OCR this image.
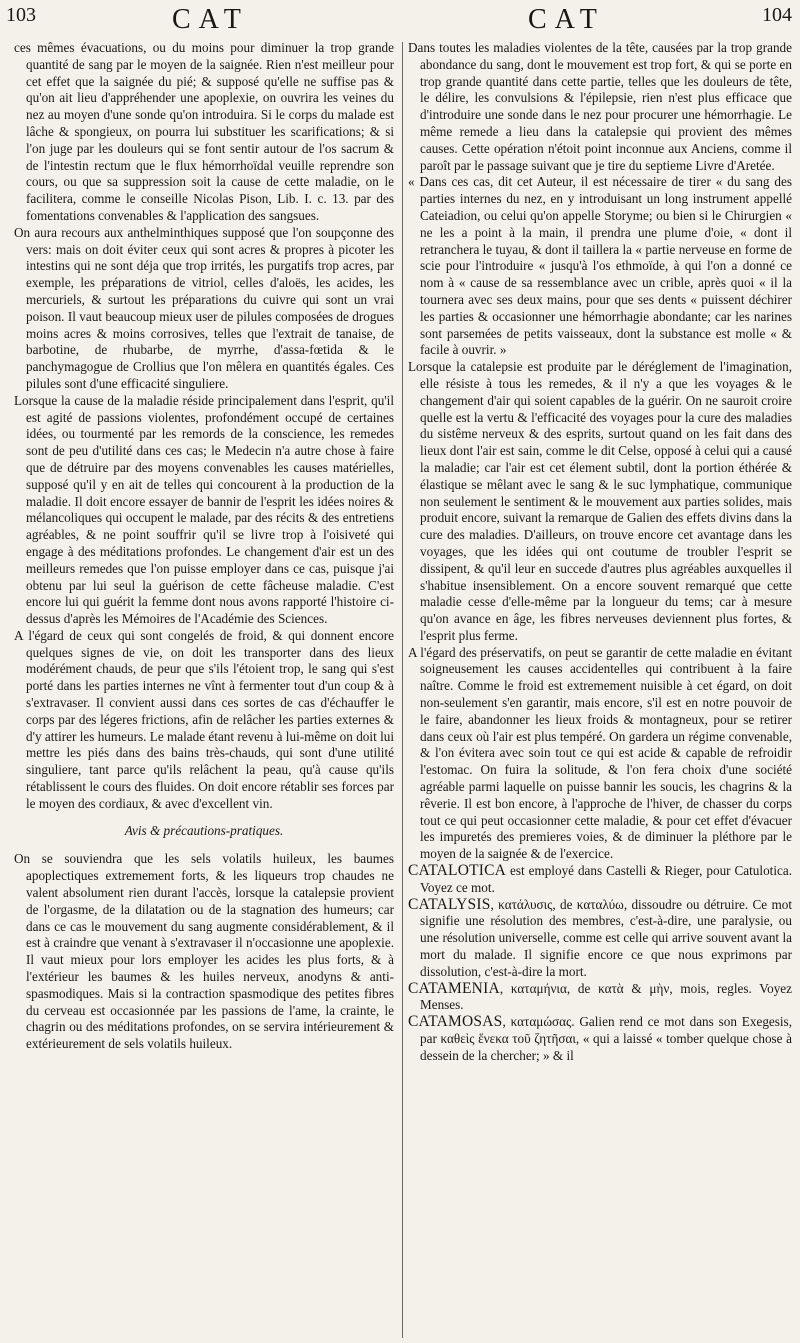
103	CAT	CAT	104

ces mêmes évacuations, ou du moins pour diminuer la trop grande quantité de sang par le moyen de la saignée. Rien n'est meilleur pour cet effet que la saignée du pié; & supposé qu'elle ne suffise pas & qu'on ait lieu d'appréhender une apoplexie, on ouvrira les veines du nez au moyen d'une sonde qu'on introduira. Si le corps du malade est lâche & spongieux, on pourra lui substituer les scarifications; & si l'on juge par les douleurs qui se font sentir autour de l'os sacrum & de l'intestin rectum que le flux hémorrhoïdal veuille reprendre son cours, ou que sa suppression soit la cause de cette maladie, on le facilitera, comme le conseille Nicolas Pison, Lib. I. c. 13. par des fomentations convenables & l'application des sangsues.

On aura recours aux anthelminthiques supposé que l'on soupçonne des vers: mais on doit éviter ceux qui sont acres & propres à picoter les intestins qui ne sont déja que trop irrités, les purgatifs trop acres, par exemple, les préparations de vitriol, celles d'aloës, les acides, les mercuriels, & surtout les préparations du cuivre qui sont un vrai poison. Il vaut beaucoup mieux user de pilules composées de drogues moins acres & moins corrosives, telles que l'extrait de tanaise, de barbotine, de rhubarbe, de myrrhe, d'assa-fœtida & le panchymagogue de Crollius que l'on mêlera en quantités égales. Ces pilules sont d'une efficacité singuliere.

Lorsque la cause de la maladie réside principalement dans l'esprit, qu'il est agité de passions violentes, profondément occupé de certaines idées, ou tourmenté par les remords de la conscience, les remedes sont de peu d'utilité dans ces cas; le Medecin n'a autre chose à faire que de détruire par des moyens convenables les causes matérielles, supposé qu'il y en ait de telles qui concourent à la production de la maladie. Il doit encore essayer de bannir de l'esprit les idées noires & mélancoliques qui occupent le malade, par des récits & des entretiens agréables, & ne point souffrir qu'il se livre trop à l'oisiveté qui engage à des méditations profondes. Le changement d'air est un des meilleurs remedes que l'on puisse employer dans ce cas, puisque j'ai obtenu par lui seul la guérison de cette fâcheuse maladie. C'est encore lui qui guérit la femme dont nous avons rapporté l'histoire ci-dessus d'après les Mémoires de l'Académie des Sciences.

A l'égard de ceux qui sont congelés de froid, & qui donnent encore quelques signes de vie, on doit les transporter dans des lieux modérément chauds, de peur que s'ils l'étoient trop, le sang qui s'est porté dans les parties internes ne vînt à fermenter tout d'un coup & à s'extravaser. Il convient aussi dans ces sortes de cas d'échauffer le corps par des légeres frictions, afin de relâcher les parties externes & d'y attirer les humeurs. Le malade étant revenu à lui-même on doit lui mettre les piés dans des bains très-chauds, qui sont d'une utilité singuliere, tant parce qu'ils relâchent la peau, qu'à cause qu'ils rétablissent le cours des fluides. On doit encore rétablir ses forces par le moyen des cordiaux, & avec d'excellent vin.

Avis & précautions-pratiques.

On se souviendra que les sels volatils huileux, les baumes apoplectiques extremement forts, & les liqueurs trop chaudes ne valent absolument rien durant l'accès, lorsque la catalepsie provient de l'orgasme, de la dilatation ou de la stagnation des humeurs; car dans ce cas le mouvement du sang augmente considérablement, & il est à craindre que venant à s'extravaser il n'occasionne une apoplexie. Il vaut mieux pour lors employer les acides les plus forts, & à l'extérieur les baumes & les huiles nerveux, anodyns & anti-spasmodiques. Mais si la contraction spasmodique des petites fibres du cerveau est occasionnée par les passions de l'ame, la crainte, le chagrin ou des méditations profondes, on se servira intérieurement & extérieurement de sels volatils huileux.

Dans toutes les maladies violentes de la tête, causées par la trop grande abondance du sang, dont le mouvement est trop fort, & qui se porte en trop grande quantité dans cette partie, telles que les douleurs de tête, le délire, les convulsions & l'épilepsie, rien n'est plus efficace que d'introduire une sonde dans le nez pour procurer une hémorrhagie. Le même remede a lieu dans la catalepsie qui provient des mêmes causes. Cette opération n'étoit point inconnue aux Anciens, comme il paroît par le passage suivant que je tire du septieme Livre d'Aretée.

« Dans ces cas, dit cet Auteur, il est nécessaire de tirer « du sang des parties internes du nez, en y introduisant un long instrument appellé Cateiadion, ou celui qu'on appelle Storyme; ou bien si le Chirurgien « ne les a point à la main, il prendra une plume d'oie, « dont il retranchera le tuyau, & dont il taillera la « partie nerveuse en forme de scie pour l'introduire « jusqu'à l'os ethmoïde, à qui l'on a donné ce nom à « cause de sa ressemblance avec un crible, après quoi « il la tournera avec ses deux mains, pour que ses dents « puissent déchirer les parties & occasionner une hémorrhagie abondante; car les narines sont parsemées de petits vaisseaux, dont la substance est molle « & facile à ouvrir. »

Lorsque la catalepsie est produite par le déréglement de l'imagination, elle résiste à tous les remedes, & il n'y a que les voyages & le changement d'air qui soient capables de la guérir. On ne sauroit croire quelle est la vertu & l'efficacité des voyages pour la cure des maladies du sistême nerveux & des esprits, surtout quand on les fait dans des lieux dont l'air est sain, comme le dit Celse, opposé à celui qui a causé la maladie; car l'air est cet élement subtil, dont la portion éthérée & élastique se mêlant avec le sang & le suc lymphatique, communique non seulement le sentiment & le mouvement aux parties solides, mais produit encore, suivant la remarque de Galien des effets divins dans la cure des maladies. D'ailleurs, on trouve encore cet avantage dans les voyages, que les idées qui ont coutume de troubler l'esprit se dissipent, & qu'il leur en succede d'autres plus agréables auxquelles il s'habitue insensiblement. On a encore souvent remarqué que cette maladie cesse d'elle-même par la longueur du tems; car à mesure qu'on avance en âge, les fibres nerveuses deviennent plus fortes, & l'esprit plus ferme.

A l'égard des préservatifs, on peut se garantir de cette maladie en évitant soigneusement les causes accidentelles qui contribuent à la faire naître. Comme le froid est extremement nuisible à cet égard, on doit non-seulement s'en garantir, mais encore, s'il est en notre pouvoir de le faire, abandonner les lieux froids & montagneux, pour se retirer dans ceux où l'air est plus tempéré. On gardera un régime convenable, & l'on évitera avec soin tout ce qui est acide & capable de refroidir l'estomac. On fuira la solitude, & l'on fera choix d'une société agréable parmi laquelle on puisse bannir les soucis, les chagrins & la rêverie. Il est bon encore, à l'approche de l'hiver, de chasser du corps tout ce qui peut occasionner cette maladie, & pour cet effet d'évacuer les impuretés des premieres voies, & de diminuer la pléthore par le moyen de la saignée & de l'exercice.

CATALOTICA est employé dans Castelli & Rieger, pour Catulotica. Voyez ce mot.

CATALYSIS, κατάλυσις, de καταλύω, dissoudre ou détruire. Ce mot signifie une résolution des membres, c'est-à-dire, une paralysie, ou une résolution universelle, comme est celle qui arrive souvent avant la mort du malade. Il signifie encore ce que nous exprimons par dissolution, c'est-à-dire la mort.

CATAMENIA, καταμήνια, de κατὰ & μὴν, mois, regles. Voyez Menses.

CATAMOSAS, καταμώσας. Galien rend ce mot dans son Exegesis, par καθεὶς ἕνεκα τοῦ ζητῆσαι, « qui a laissé « tomber quelque chose à dessein de la chercher; » & il
